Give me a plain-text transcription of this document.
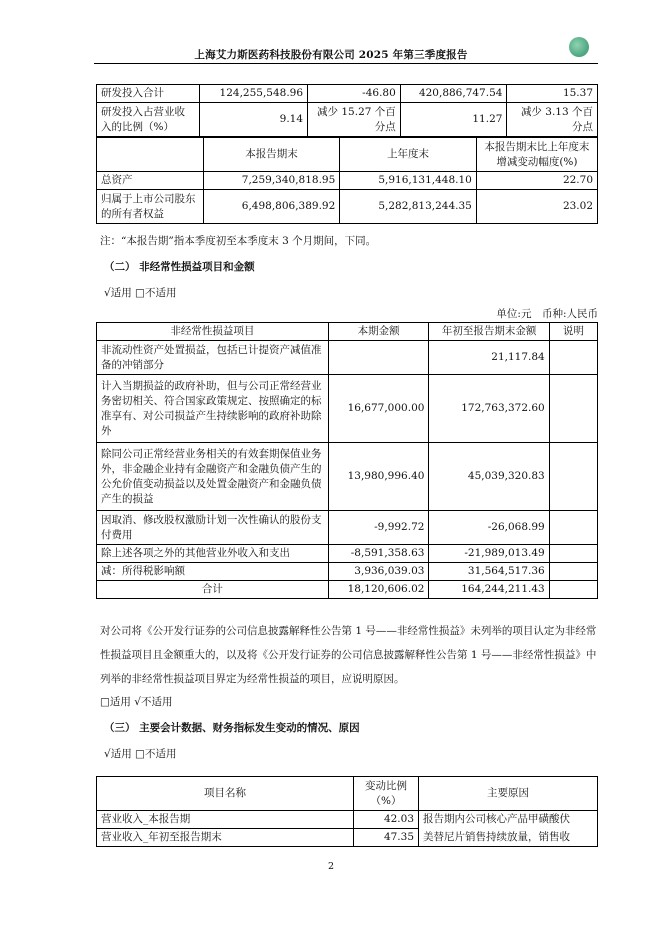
上海艾力斯医药科技股份有限公司 2025 年第三季度报告
研发投入合计	124,255,548.96	-46.80	420,886,747.54	15.37
研发投入占营业收入的比例（%）	9.14	减少 15.27 个百分点	11.27	减少 3.13 个百分点
	本报告期末	上年度末	本报告期末比上年度末增减变动幅度(%)
总资产	7,259,340,818.95	5,916,131,448.10	22.70
归属于上市公司股东的所有者权益	6,498,806,389.92	5,282,813,244.35	23.02
注：“本报告期”指本季度初至本季度末 3 个月期间，下同。
（二） 非经常性损益项目和金额
√适用 □不适用
单位:元　币种:人民币
非经常性损益项目	本期金额	年初至报告期末金额	说明
非流动性资产处置损益，包括已计提资产减值准备的冲销部分		21,117.84	
计入当期损益的政府补助，但与公司正常经营业务密切相关、符合国家政策规定、按照确定的标准享有、对公司损益产生持续影响的政府补助除外	16,677,000.00	172,763,372.60	
除同公司正常经营业务相关的有效套期保值业务外，非金融企业持有金融资产和金融负债产生的公允价值变动损益以及处置金融资产和金融负债产生的损益	13,980,996.40	45,039,320.83	
因取消、修改股权激励计划一次性确认的股份支付费用	-9,992.72	-26,068.99	
除上述各项之外的其他营业外收入和支出	-8,591,358.63	-21,989,013.49	
减：所得税影响额	3,936,039.03	31,564,517.36	
合计	18,120,606.02	164,244,211.43	
对公司将《公开发行证券的公司信息披露解释性公告第 1 号——非经常性损益》未列举的项目认定为非经常性损益项目且金额重大的，以及将《公开发行证券的公司信息披露解释性公告第 1 号——非经常性损益》中列举的非经常性损益项目界定为经常性损益的项目，应说明原因。
□适用 √不适用
（三） 主要会计数据、财务指标发生变动的情况、原因
√适用 □不适用
项目名称	变动比例（%）	主要原因
营业收入_本报告期	42.03	报告期内公司核心产品甲磺酸伏
营业收入_年初至报告期末	47.35	美替尼片销售持续放量，销售收
2
